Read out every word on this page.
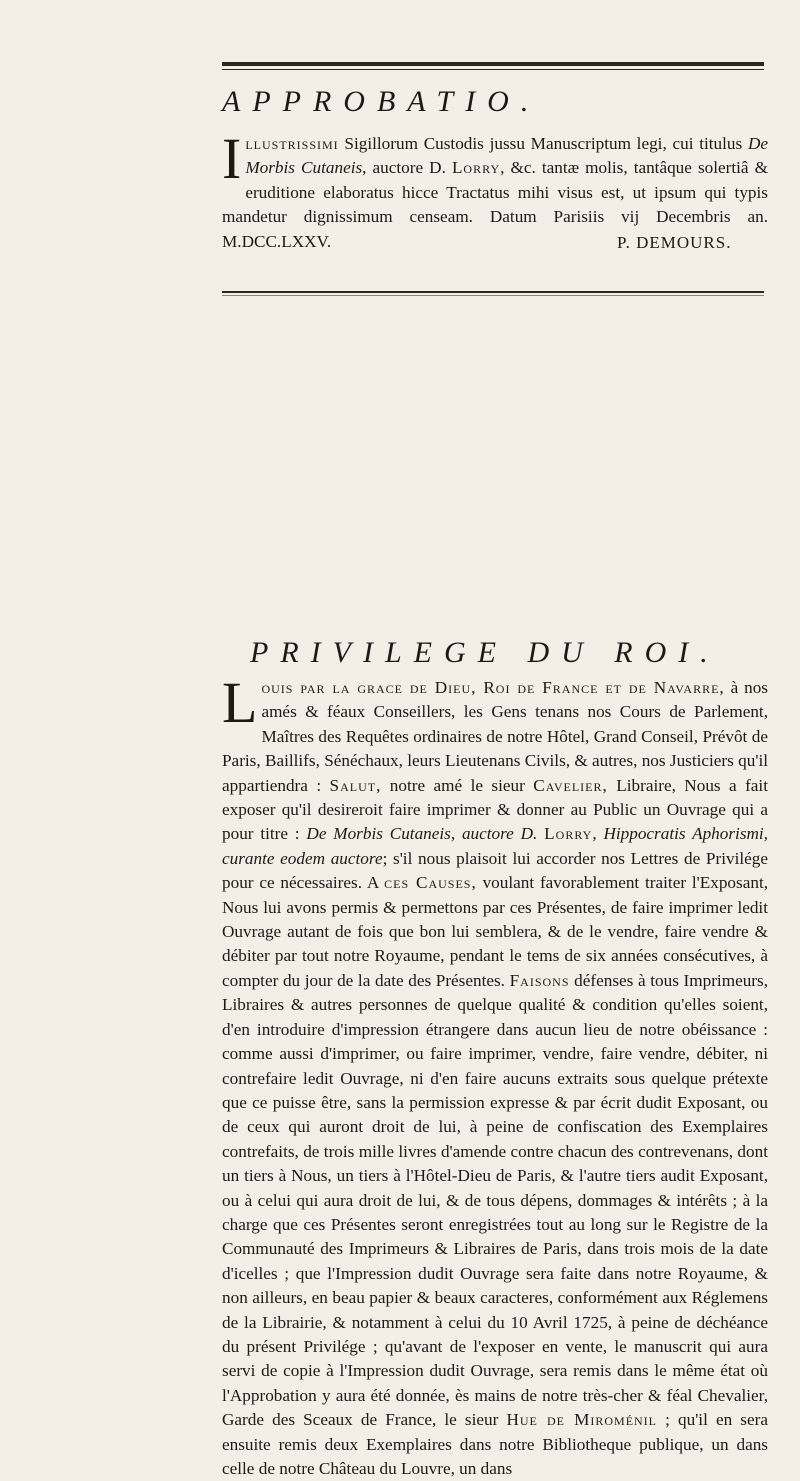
APPROBATIO.

Illustrissimi Sigillorum Custodis jussu Manuscriptum legi, cui titulus De Morbis Cutaneis, auctore D. Lorry, &c. tantæ molis, tantâque solertiâ & eruditione elaboratus hicce Tractatus mihi visus est, ut ipsum qui typis mandetur dignissimum censeam. Datum Parisiis vij Decembris an. M.DCC.LXXV.	P. DEMOURS.
PRIVILEGE DU ROI.

Louis par la grace de Dieu, Roi de France et de Navarre, à nos amés & féaux Conseillers, les Gens tenans nos Cours de Parlement, Maîtres des Requêtes ordinaires de notre Hôtel, Grand Conseil, Prévôt de Paris, Baillifs, Sénéchaux, leurs Lieutenans Civils, & autres, nos Justiciers qu'il appartiendra : Salut, notre amé le sieur Cavelier, Libraire, Nous a fait exposer qu'il desireroit faire imprimer & donner au Public un Ouvrage qui a pour titre : De Morbis Cutaneis, auctore D. Lorry, Hippocratis Aphorismi, curante eodem auctore; s'il nous plaisoit lui accorder nos Lettres de Privilége pour ce nécessaires. A ces Causes, voulant favorablement traiter l'Exposant, Nous lui avons permis & permettons par ces Présentes, de faire imprimer ledit Ouvrage autant de fois que bon lui semblera, & de le vendre, faire vendre & débiter par tout notre Royaume, pendant le tems de six années consécutives, à compter du jour de la date des Présentes. Faisons défenses à tous Imprimeurs, Libraires & autres personnes de quelque qualité & condition qu'elles soient, d'en introduire d'impression étrangere dans aucun lieu de notre obéissance : comme aussi d'imprimer, ou faire imprimer, vendre, faire vendre, débiter, ni contrefaire ledit Ouvrage, ni d'en faire aucuns extraits sous quelque prétexte que ce puisse être, sans la permission expresse & par écrit dudit Exposant, ou de ceux qui auront droit de lui, à peine de confiscation des Exemplaires contrefaits, de trois mille livres d'amende contre chacun des contrevenans, dont un tiers à Nous, un tiers à l'Hôtel-Dieu de Paris, & l'autre tiers audit Exposant, ou à celui qui aura droit de lui, & de tous dépens, dommages & intérêts ; à la charge que ces Présentes seront enregistrées tout au long sur le Registre de la Communauté des Imprimeurs & Libraires de Paris, dans trois mois de la date d'icelles ; que l'Impression dudit Ouvrage sera faite dans notre Royaume, & non ailleurs, en beau papier & beaux caracteres, conformément aux Réglemens de la Librairie, & notamment à celui du 10 Avril 1725, à peine de déchéance du présent Privilége ; qu'avant de l'exposer en vente, le manuscrit qui aura servi de copie à l'Impression dudit Ouvrage, sera remis dans le même état où l'Approbation y aura été donnée, ès mains de notre très-cher & féal Chevalier, Garde des Sceaux de France, le sieur Hue de Miroménil ; qu'il en sera ensuite remis deux Exemplaires dans notre Bibliotheque publique, un dans celle de notre Château du Louvre, un dans
